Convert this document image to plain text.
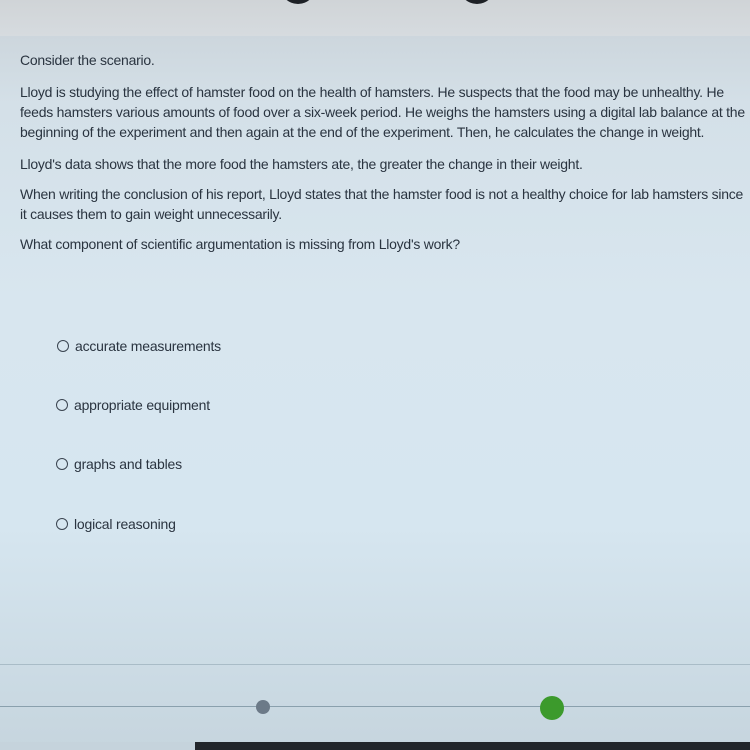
Consider the scenario.

Lloyd is studying the effect of hamster food on the health of hamsters. He suspects that the food may be unhealthy. He feeds hamsters various amounts of food over a six-week period. He weighs the hamsters using a digital lab balance at the beginning of the experiment and then again at the end of the experiment. Then, he calculates the change in weight.

Lloyd's data shows that the more food the hamsters ate, the greater the change in their weight.

When writing the conclusion of his report, Lloyd states that the hamster food is not a healthy choice for lab hamsters since it causes them to gain weight unnecessarily.

What component of scientific argumentation is missing from Lloyd's work?

accurate measurements
appropriate equipment
graphs and tables
logical reasoning
